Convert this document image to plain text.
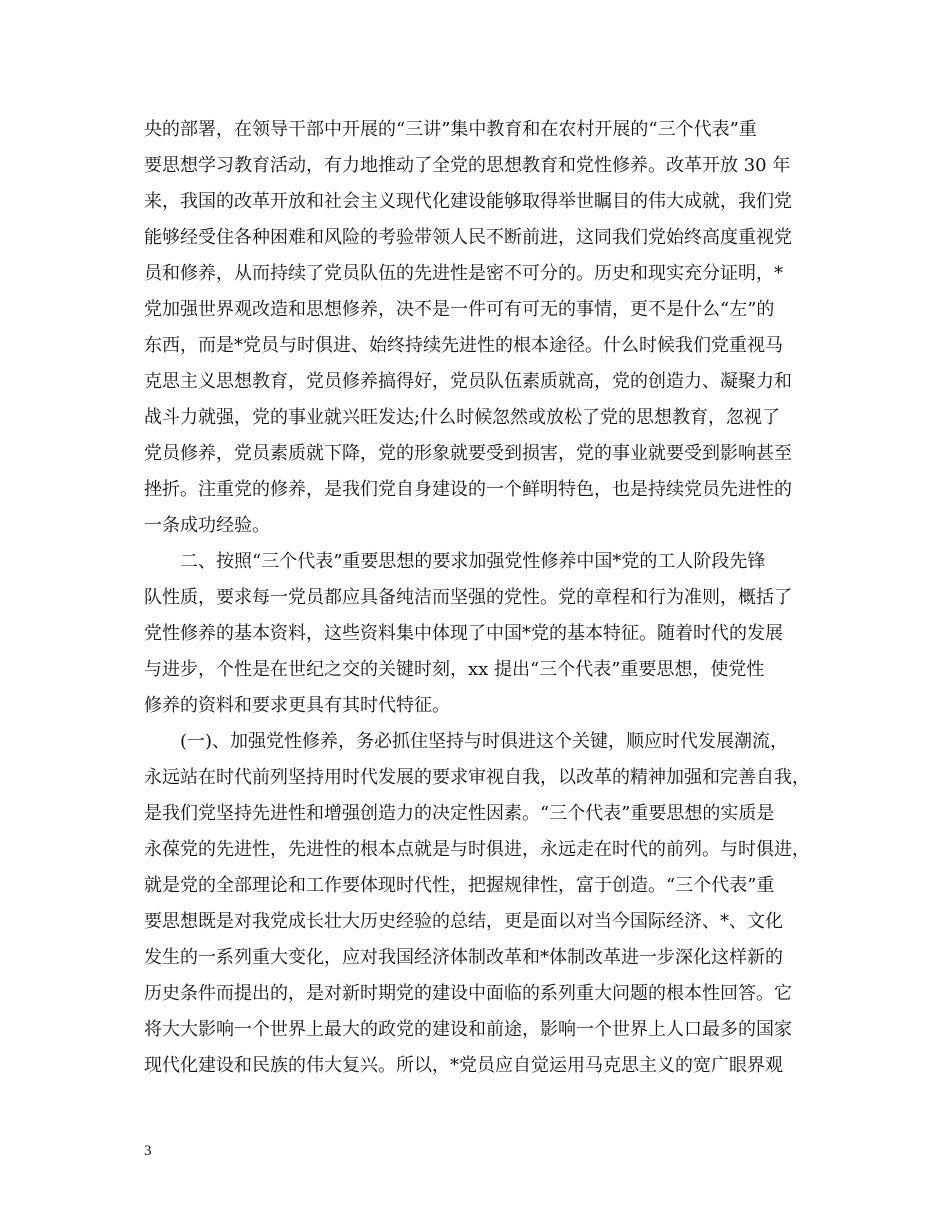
央的部署，在领导干部中开展的“三讲”集中教育和在农村开展的“三个代表”重
要思想学习教育活动，有力地推动了全党的思想教育和党性修养。改革开放 30 年
来，我国的改革开放和社会主义现代化建设能够取得举世瞩目的伟大成就，我们党
能够经受住各种困难和风险的考验带领人民不断前进，这同我们党始终高度重视党
员和修养，从而持续了党员队伍的先进性是密不可分的。历史和现实充分证明，*
党加强世界观改造和思想修养，决不是一件可有可无的事情，更不是什么“左”的
东西，而是*党员与时俱进、始终持续先进性的根本途径。什么时候我们党重视马
克思主义思想教育，党员修养搞得好，党员队伍素质就高，党的创造力、凝聚力和
战斗力就强，党的事业就兴旺发达;什么时候忽然或放松了党的思想教育，忽视了
党员修养，党员素质就下降，党的形象就要受到损害，党的事业就要受到影响甚至
挫折。注重党的修养，是我们党自身建设的一个鲜明特色，也是持续党员先进性的
一条成功经验。
二、按照“三个代表”重要思想的要求加强党性修养中国*党的工人阶段先锋
队性质，要求每一党员都应具备纯洁而坚强的党性。党的章程和行为准则，概括了
党性修养的基本资料，这些资料集中体现了中国*党的基本特征。随着时代的发展
与进步，个性是在世纪之交的关键时刻，xx 提出“三个代表”重要思想，使党性
修养的资料和要求更具有其时代特征。
(一)、加强党性修养，务必抓住坚持与时俱进这个关键，顺应时代发展潮流，
永远站在时代前列坚持用时代发展的要求审视自我，以改革的精神加强和完善自我，
是我们党坚持先进性和增强创造力的决定性因素。“三个代表”重要思想的实质是
永葆党的先进性，先进性的根本点就是与时俱进，永远走在时代的前列。与时俱进，
就是党的全部理论和工作要体现时代性，把握规律性，富于创造。“三个代表”重
要思想既是对我党成长壮大历史经验的总结，更是面以对当今国际经济、*、文化
发生的一系列重大变化，应对我国经济体制改革和*体制改革进一步深化这样新的
历史条件而提出的，是对新时期党的建设中面临的系列重大问题的根本性回答。它
将大大影响一个世界上最大的政党的建设和前途，影响一个世界上人口最多的国家
现代化建设和民族的伟大复兴。所以，*党员应自觉运用马克思主义的宽广眼界观
3
